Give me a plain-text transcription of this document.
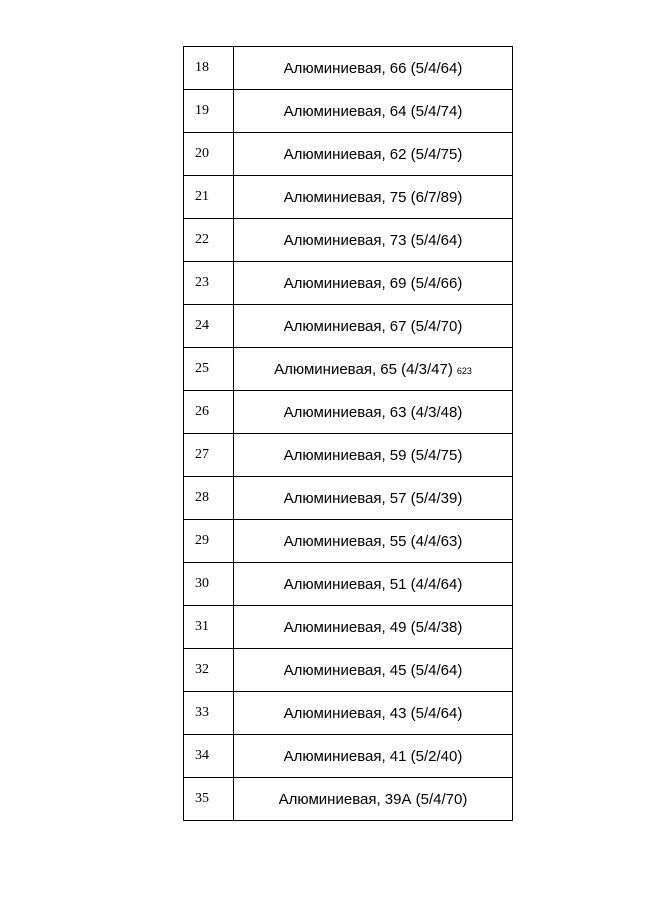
18	Алюминиевая, 66 (5/4/64)
19	Алюминиевая, 64 (5/4/74)
20	Алюминиевая, 62 (5/4/75)
21	Алюминиевая, 75 (6/7/89)
22	Алюминиевая, 73 (5/4/64)
23	Алюминиевая, 69 (5/4/66)
24	Алюминиевая, 67 (5/4/70)
25	Алюминиевая, 65 (4/3/47) 623
26	Алюминиевая, 63 (4/3/48)
27	Алюминиевая, 59 (5/4/75)
28	Алюминиевая, 57 (5/4/39)
29	Алюминиевая, 55 (4/4/63)
30	Алюминиевая, 51 (4/4/64)
31	Алюминиевая, 49 (5/4/38)
32	Алюминиевая, 45 (5/4/64)
33	Алюминиевая, 43 (5/4/64)
34	Алюминиевая, 41 (5/2/40)
35	Алюминиевая, 39А (5/4/70)
